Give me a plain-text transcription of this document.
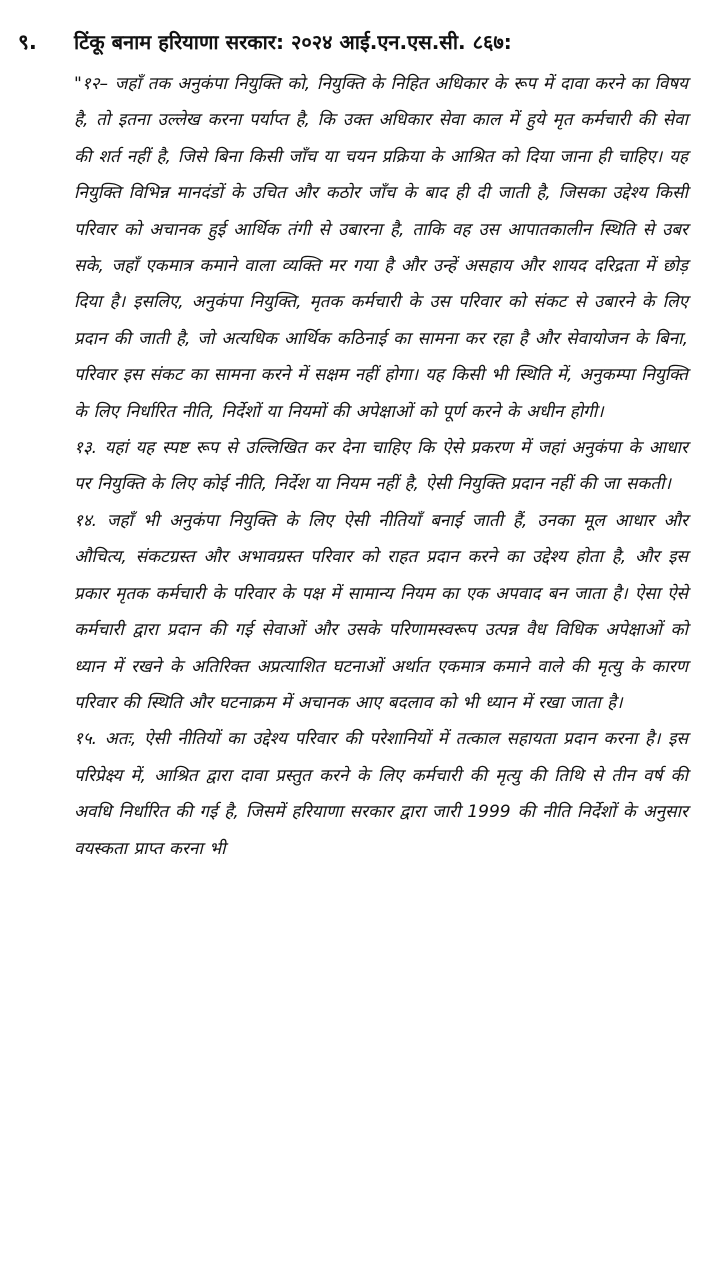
९. टिंकू बनाम हरियाणा सरकार: २०२४ आई.एन.एस.सी. ८६७:

"१२– जहाँ तक अनुकंपा नियुक्ति को, नियुक्ति के निहित अधिकार के रूप में दावा करने का विषय है, तो इतना उल्लेख करना पर्याप्त है, कि उक्त अधिकार सेवा काल में हुये मृत कर्मचारी की सेवा की शर्त नहीं है, जिसे बिना किसी जाँच या चयन प्रक्रिया के आश्रित को दिया जाना ही चाहिए। यह नियुक्ति विभिन्न मानदंडों के उचित और कठोर जाँच के बाद ही दी जाती है, जिसका उद्देश्य किसी परिवार को अचानक हुई आर्थिक तंगी से उबारना है, ताकि वह उस आपातकालीन स्थिति से उबर सके, जहाँ एकमात्र कमाने वाला व्यक्ति मर गया है और उन्हें असहाय और शायद दरिद्रता में छोड़ दिया है। इसलिए, अनुकंपा नियुक्ति, मृतक कर्मचारी के उस परिवार को संकट से उबारने के लिए प्रदान की जाती है, जो अत्यधिक आर्थिक कठिनाई का सामना कर रहा है और सेवायोजन के बिना, परिवार इस संकट का सामना करने में सक्षम नहीं होगा। यह किसी भी स्थिति में, अनुकम्पा नियुक्ति के लिए निर्धारित नीति, निर्देशों या नियमों की अपेक्षाओं को पूर्ण करने के अधीन होगी।

१३. यहां यह स्पष्ट रूप से उल्लिखित कर देना चाहिए कि ऐसे प्रकरण में जहां अनुकंपा के आधार पर नियुक्ति के लिए कोई नीति, निर्देश या नियम नहीं है, ऐसी नियुक्ति प्रदान नहीं की जा सकती।

१४. जहाँ भी अनुकंपा नियुक्ति के लिए ऐसी नीतियाँ बनाई जाती हैं, उनका मूल आधार और औचित्य, संकटग्रस्त और अभावग्रस्त परिवार को राहत प्रदान करने का उद्देश्य होता है, और इस प्रकार मृतक कर्मचारी के परिवार के पक्ष में सामान्य नियम का एक अपवाद बन जाता है। ऐसा ऐसे कर्मचारी द्वारा प्रदान की गई सेवाओं और उसके परिणामस्वरूप उत्पन्न वैध विधिक अपेक्षाओं को ध्यान में रखने के अतिरिक्त अप्रत्याशित घटनाओं अर्थात एकमात्र कमाने वाले की मृत्यु के कारण परिवार की स्थिति और घटनाक्रम में अचानक आए बदलाव को भी ध्यान में रखा जाता है।

१५. अतः, ऐसी नीतियों का उद्देश्य परिवार की परेशानियों में तत्काल सहायता प्रदान करना है। इस परिप्रेक्ष्य में, आश्रित द्वारा दावा प्रस्तुत करने के लिए कर्मचारी की मृत्यु की तिथि से तीन वर्ष की अवधि निर्धारित की गई है, जिसमें हरियाणा सरकार द्वारा जारी 1999 की नीति निर्देशों के अनुसार वयस्कता प्राप्त करना भी
